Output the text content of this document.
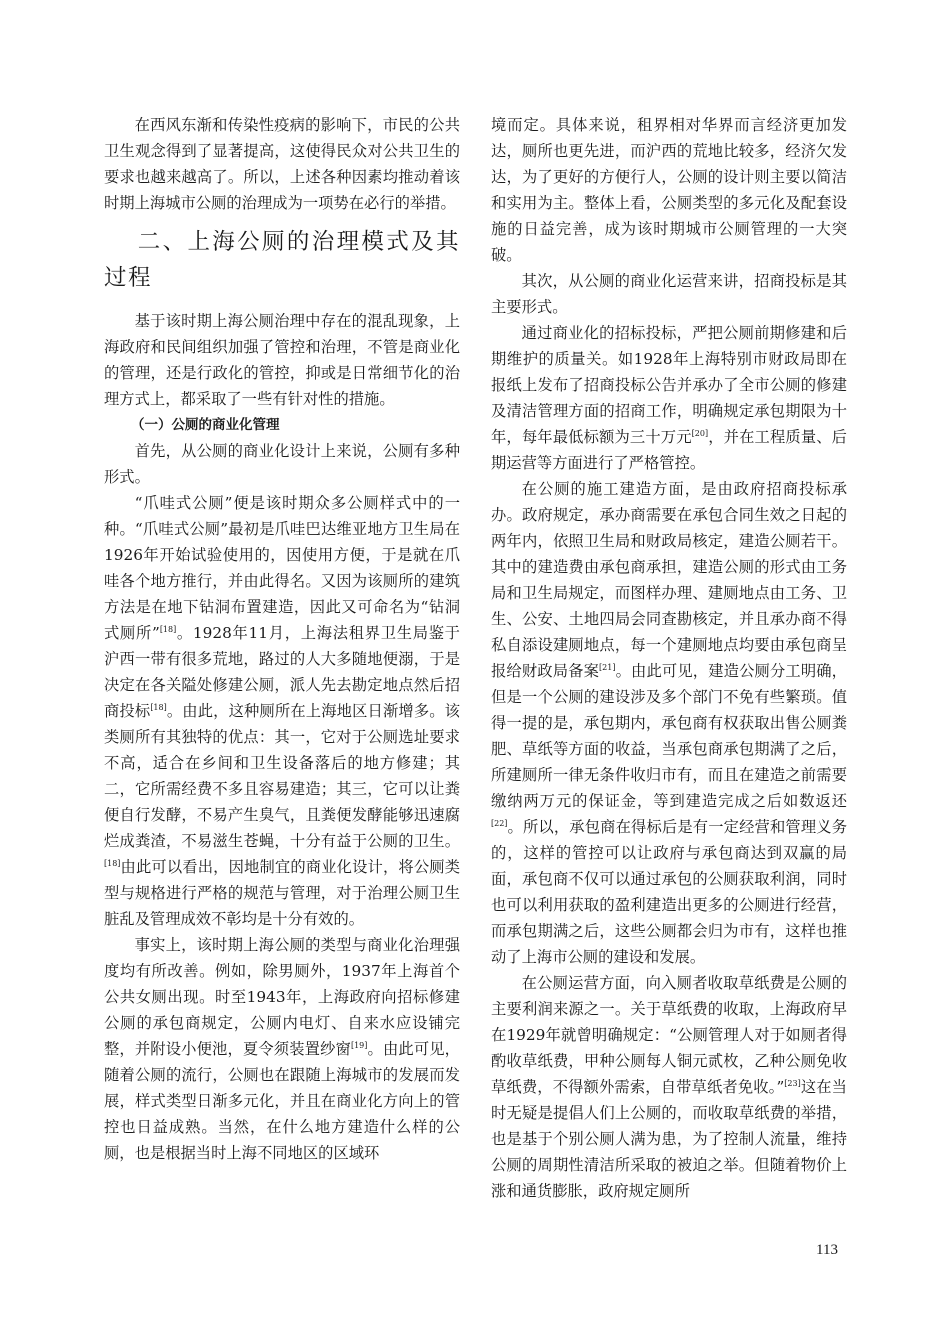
在西风东渐和传染性疫病的影响下，市民的公共卫生观念得到了显著提高，这使得民众对公共卫生的要求也越来越高了。所以，上述各种因素均推动着该时期上海城市公厕的治理成为一项势在必行的举措。

二、上海公厕的治理模式及其过程

基于该时期上海公厕治理中存在的混乱现象，上海政府和民间组织加强了管控和治理，不管是商业化的管理，还是行政化的管控，抑或是日常细节化的治理方式上，都采取了一些有针对性的措施。

（一）公厕的商业化管理

首先，从公厕的商业化设计上来说，公厕有多种形式。

“爪哇式公厕”便是该时期众多公厕样式中的一种。“爪哇式公厕”最初是爪哇巴达维亚地方卫生局在1926年开始试验使用的，因使用方便，于是就在爪哇各个地方推行，并由此得名。又因为该厕所的建筑方法是在地下钻洞布置建造，因此又可命名为“钻洞式厕所”[18]。1928年11月，上海法租界卫生局鉴于沪西一带有很多荒地，路过的人大多随地便溺，于是决定在各关隘处修建公厕，派人先去勘定地点然后招商投标[18]。由此，这种厕所在上海地区日渐增多。该类厕所有其独特的优点：其一，它对于公厕选址要求不高，适合在乡间和卫生设备落后的地方修建；其二，它所需经费不多且容易建造；其三，它可以让粪便自行发酵，不易产生臭气，且粪便发酵能够迅速腐烂成粪渣，不易滋生苍蝇，十分有益于公厕的卫生。[18]由此可以看出，因地制宜的商业化设计，将公厕类型与规格进行严格的规范与管理，对于治理公厕卫生脏乱及管理成效不彰均是十分有效的。

事实上，该时期上海公厕的类型与商业化治理强度均有所改善。例如，除男厕外，1937年上海首个公共女厕出现。时至1943年，上海政府向招标修建公厕的承包商规定，公厕内电灯、自来水应设铺完整，并附设小便池，夏令须装置纱窗[19]。由此可见，随着公厕的流行，公厕也在跟随上海城市的发展而发展，样式类型日渐多元化，并且在商业化方向上的管控也日益成熟。当然，在什么地方建造什么样的公厕，也是根据当时上海不同地区的区域环

境而定。具体来说，租界相对华界而言经济更加发达，厕所也更先进，而沪西的荒地比较多，经济欠发达，为了更好的方便行人，公厕的设计则主要以简洁和实用为主。整体上看，公厕类型的多元化及配套设施的日益完善，成为该时期城市公厕管理的一大突破。

其次，从公厕的商业化运营来讲，招商投标是其主要形式。

通过商业化的招标投标，严把公厕前期修建和后期维护的质量关。如1928年上海特别市财政局即在报纸上发布了招商投标公告并承办了全市公厕的修建及清洁管理方面的招商工作，明确规定承包期限为十年，每年最低标额为三十万元[20]，并在工程质量、后期运营等方面进行了严格管控。

在公厕的施工建造方面，是由政府招商投标承办。政府规定，承办商需要在承包合同生效之日起的两年内，依照卫生局和财政局核定，建造公厕若干。其中的建造费由承包商承担，建造公厕的形式由工务局和卫生局规定，而图样办理、建厕地点由工务、卫生、公安、土地四局会同查勘核定，并且承办商不得私自添设建厕地点，每一个建厕地点均要由承包商呈报给财政局备案[21]。由此可见，建造公厕分工明确，但是一个公厕的建设涉及多个部门不免有些繁琐。值得一提的是，承包期内，承包商有权获取出售公厕粪肥、草纸等方面的收益，当承包商承包期满了之后，所建厕所一律无条件收归市有，而且在建造之前需要缴纳两万元的保证金，等到建造完成之后如数返还[22]。所以，承包商在得标后是有一定经营和管理义务的，这样的管控可以让政府与承包商达到双赢的局面，承包商不仅可以通过承包的公厕获取利润，同时也可以利用获取的盈利建造出更多的公厕进行经营，而承包期满之后，这些公厕都会归为市有，这样也推动了上海市公厕的建设和发展。

在公厕运营方面，向入厕者收取草纸费是公厕的主要利润来源之一。关于草纸费的收取，上海政府早在1929年就曾明确规定：“公厕管理人对于如厕者得酌收草纸费，甲种公厕每人铜元贰枚，乙种公厕免收草纸费，不得额外需索，自带草纸者免收。”[23]这在当时无疑是提倡人们上公厕的，而收取草纸费的举措，也是基于个别公厕人满为患，为了控制人流量，维持公厕的周期性清洁所采取的被迫之举。但随着物价上涨和通货膨胀，政府规定厕所

113
